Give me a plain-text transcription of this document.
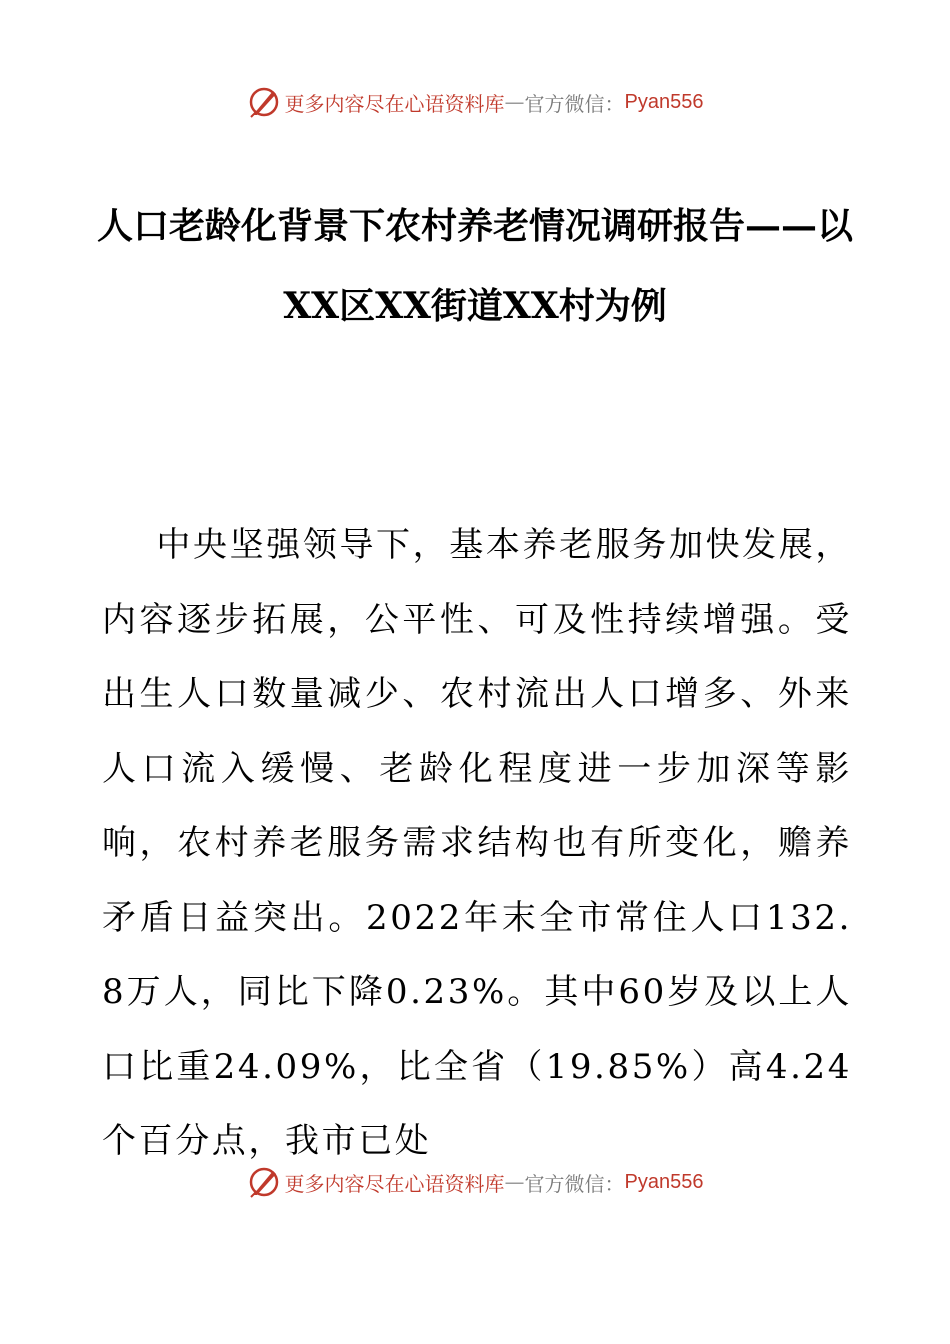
更多内容尽在心语资料库 — 官方微信： Pyan556
人口老龄化背景下农村养老情况调研报告——以
XX区XX街道XX村为例

中央坚强领导下，基本养老服务加快发展，内容逐步拓展，公平性、可及性持续增强。受出生人口数量减少、农村流出人口增多、外来人口流入缓慢、老龄化程度进一步加深等影响，农村养老服务需求结构也有所变化，赡养矛盾日益突出。2022年末全市常住人口132.8万人，同比下降0.23%。其中60岁及以上人口比重24.09%，比全省（19.85%）高4.24个百分点，我市已处

更多内容尽在心语资料库 — 官方微信： Pyan556
